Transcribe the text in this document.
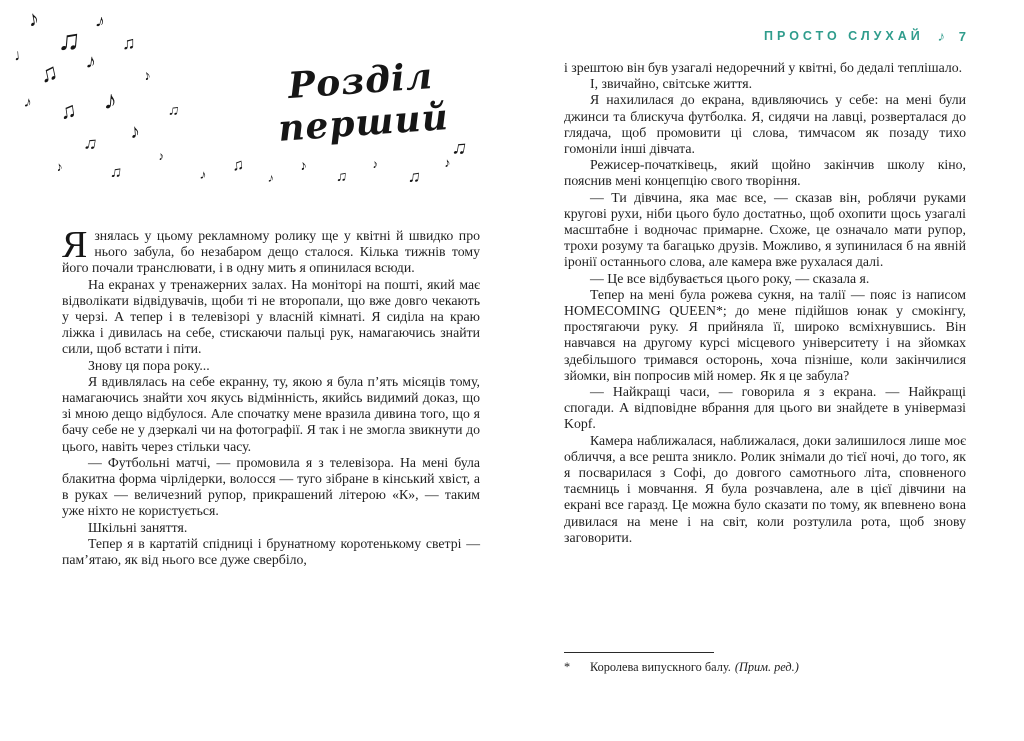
♪
♫
♪
♩
♫ ♪
♫
♪ ♫ ♪
♪
♫ ♪
♫
♪	♫
♪
♪ ♫
♪
♪
♫
♪
♫
♪
♫
Розділ перший

Я знялась у цьому рекламному ролику ще у квітні й швидко про нього забула, бо незабаром дещо сталося. Кілька тижнів тому його почали транслювати, і в одну мить я опинилася всюди.

На екранах у тренажерних залах. На моніторі на пошті, який має відволікати відвідувачів, щоби ті не второпали, що вже довго чекають у черзі. А тепер і в телевізорі у власній кімнаті. Я сиділа на краю ліжка і дивилась на себе, стискаючи пальці рук, намагаючись знайти сили, щоб встати і піти.

Знову ця пора року...

Я вдивлялась на себе екранну, ту, якою я була п’ять місяців тому, намагаючись знайти хоч якусь відмінність, якийсь видимий доказ, що зі мною дещо відбулося. Але спочатку мене вразила дивина того, що я бачу себе не у дзеркалі чи на фотографії. Я так і не змогла звикнути до цього, навіть через стільки часу.

— Футбольні матчі, — промовила я з телевізора. На мені була блакитна форма чірлідерки, волосся — туго зібране в кінський хвіст, а в руках — величезний рупор, прикрашений літерою «К», — таким уже ніхто не користується.

Шкільні заняття.

Тепер я в картатій спідниці і брунатному коротенькому светрі — пам’ятаю, як від нього все дуже свербіло,

ПРОСТО СЛУХАЙ ♪ 7

і зрештою він був узагалі недоречний у квітні, бо дедалі теплішало.

І, звичайно, світське життя.

Я нахилилася до екрана, вдивляючись у себе: на мені були джинси та блискуча футболка. Я, сидячи на лавці, розверталася до глядача, щоб промовити ці слова, тимчасом як позаду тихо гомоніли інші дівчата.

Режисер-початківець, який щойно закінчив школу кіно, пояснив мені концепцію свого творіння.

— Ти дівчина, яка має все, — сказав він, роблячи руками кругові рухи, ніби цього було достатньо, щоб охопити щось узагалі масштабне і водночас примарне. Схоже, це означало мати рупор, трохи розуму та багацько друзів. Можливо, я зупинилася б на явній іронії останнього слова, але камера вже рухалася далі.

— Це все відбувається цього року, — сказала я.

Тепер на мені була рожева сукня, на талії — пояс із написом HOMECOMING QUEEN*; до мене підійшов юнак у смокінгу, простягаючи руку. Я прийняла її, широко всміхнувшись. Він навчався на другому курсі місцевого університету і на зйомках здебільшого тримався осторонь, хоча пізніше, коли закінчилися зйомки, він попросив мій номер. Як я це забула?

— Найкращі часи, — говорила я з екрана. — Найкращі спогади. А відповідне вбрання для цього ви знайдете в універмазі Kopf.

Камера наближалася, наближалася, доки залишилося лише моє обличчя, а все решта зникло. Ролик знімали до тієї ночі, до того, як я посварилася з Софі, до довгого самотнього літа, сповненого таємниць і мовчання. Я була розчавлена, але в цієї дівчини на екрані все гаразд. Це можна було сказати по тому, як впевнено вона дивилася на мене і на світ, коли розтулила рота, щоб знову заговорити.

*	Королева випускного балу. (Прим. ред.)
